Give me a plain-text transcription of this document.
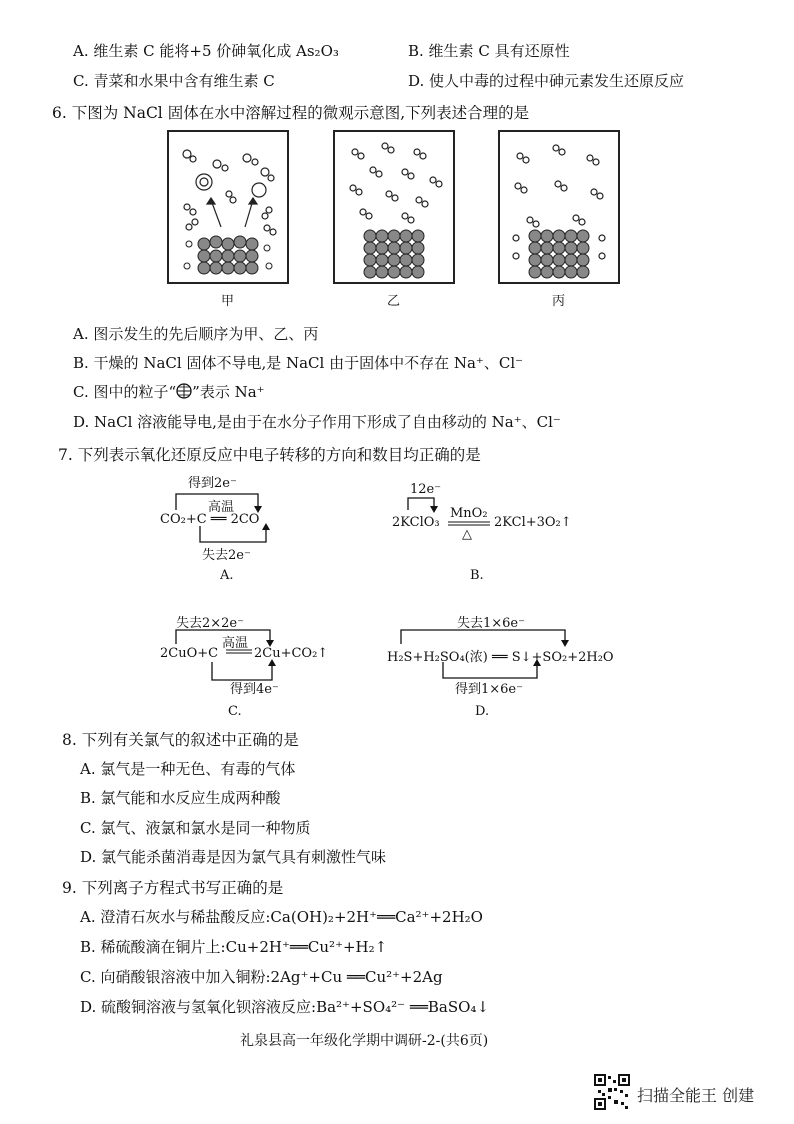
A. 维生素 C 能将+5 价砷氧化成 As₂O₃	B. 维生素 C 具有还原性
C. 青菜和水果中含有维生素 C	D. 使人中毒的过程中砷元素发生还原反应
6. 下图为 NaCl 固体在水中溶解过程的微观示意图,下列表述合理的是
甲	乙	丙
A. 图示发生的先后顺序为甲、乙、丙
B. 干燥的 NaCl 固体不导电,是 NaCl 由于固体中不存在 Na⁺、Cl⁻
C. 图中的粒子“ ”表示 Na⁺
D. NaCl 溶液能导电,是由于在水分子作用下形成了自由移动的 Na⁺、Cl⁻
7. 下列表示氧化还原反应中电子转移的方向和数目均正确的是
得到2e⁻
高温
CO₂+C ══ 2CO
失去2e⁻
A.
12e⁻
2KClO₃
MnO₂
△
2KCl+3O₂↑
B.
失去2×2e⁻
高温
2CuO+C	2Cu+CO₂↑
得到4e⁻
C.
失去1×6e⁻
H₂S+H₂SO₄(浓) ══ S↓+SO₂+2H₂O
得到1×6e⁻
D.
8. 下列有关氯气的叙述中正确的是
A. 氯气是一种无色、有毒的气体
B. 氯气能和水反应生成两种酸
C. 氯气、液氯和氯水是同一种物质
D. 氯气能杀菌消毒是因为氯气具有刺激性气味
9. 下列离子方程式书写正确的是
A. 澄清石灰水与稀盐酸反应:Ca(OH)₂+2H⁺══Ca²⁺+2H₂O
B. 稀硫酸滴在铜片上:Cu+2H⁺══Cu²⁺+H₂↑
C. 向硝酸银溶液中加入铜粉:2Ag⁺+Cu ══Cu²⁺+2Ag
D. 硫酸铜溶液与氢氧化钡溶液反应:Ba²⁺+SO₄²⁻ ══BaSO₄↓
礼泉县高一年级化学期中调研-2-(共6页)
扫描全能王 创建
